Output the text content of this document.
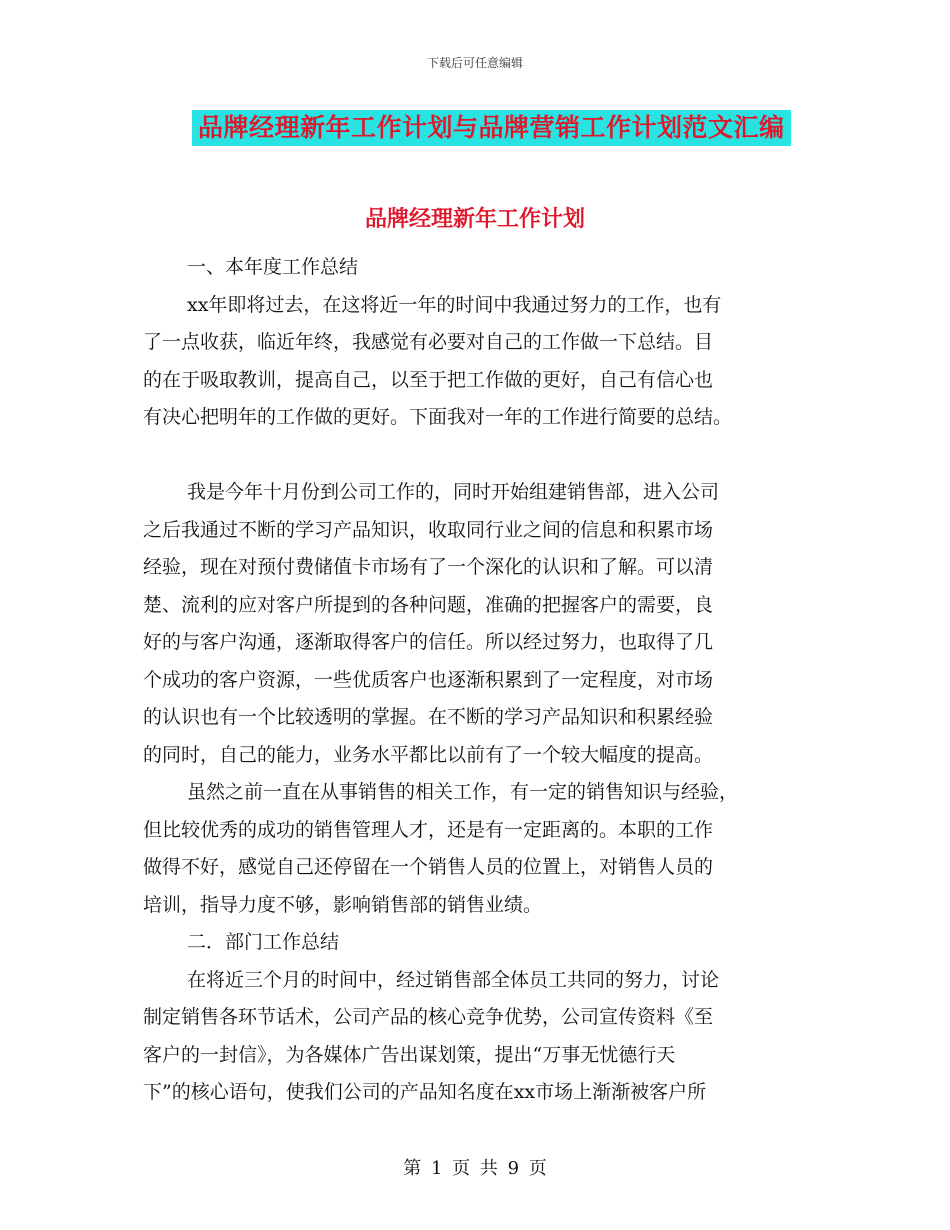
下载后可任意编辑
品牌经理新年工作计划与品牌营销工作计划范文汇编
品牌经理新年工作计划

一、本年度工作总结

xx年即将过去，在这将近一年的时间中我通过努力的工作，也有
了一点收获，临近年终，我感觉有必要对自己的工作做一下总结。目
的在于吸取教训，提高自己，以至于把工作做的更好，自己有信心也
有决心把明年的工作做的更好。下面我对一年的工作进行简要的总结。

我是今年十月份到公司工作的，同时开始组建销售部，进入公司
之后我通过不断的学习产品知识，收取同行业之间的信息和积累市场
经验，现在对预付费储值卡市场有了一个深化的认识和了解。可以清
楚、流利的应对客户所提到的各种问题，准确的把握客户的需要，良
好的与客户沟通，逐渐取得客户的信任。所以经过努力，也取得了几
个成功的客户资源，一些优质客户也逐渐积累到了一定程度，对市场
的认识也有一个比较透明的掌握。在不断的学习产品知识和积累经验
的同时，自己的能力，业务水平都比以前有了一个较大幅度的提高。

虽然之前一直在从事销售的相关工作，有一定的销售知识与经验，
但比较优秀的成功的销售管理人才，还是有一定距离的。本职的工作
做得不好，感觉自己还停留在一个销售人员的位置上，对销售人员的
培训，指导力度不够，影响销售部的销售业绩。

二．部门工作总结

在将近三个月的时间中，经过销售部全体员工共同的努力，讨论
制定销售各环节话术，公司产品的核心竞争优势，公司宣传资料《至
客户的一封信》，为各媒体广告出谋划策，提出“万事无忧德行天
下”的核心语句，使我们公司的产品知名度在xx市场上渐渐被客户所

第 1 页 共 9 页
